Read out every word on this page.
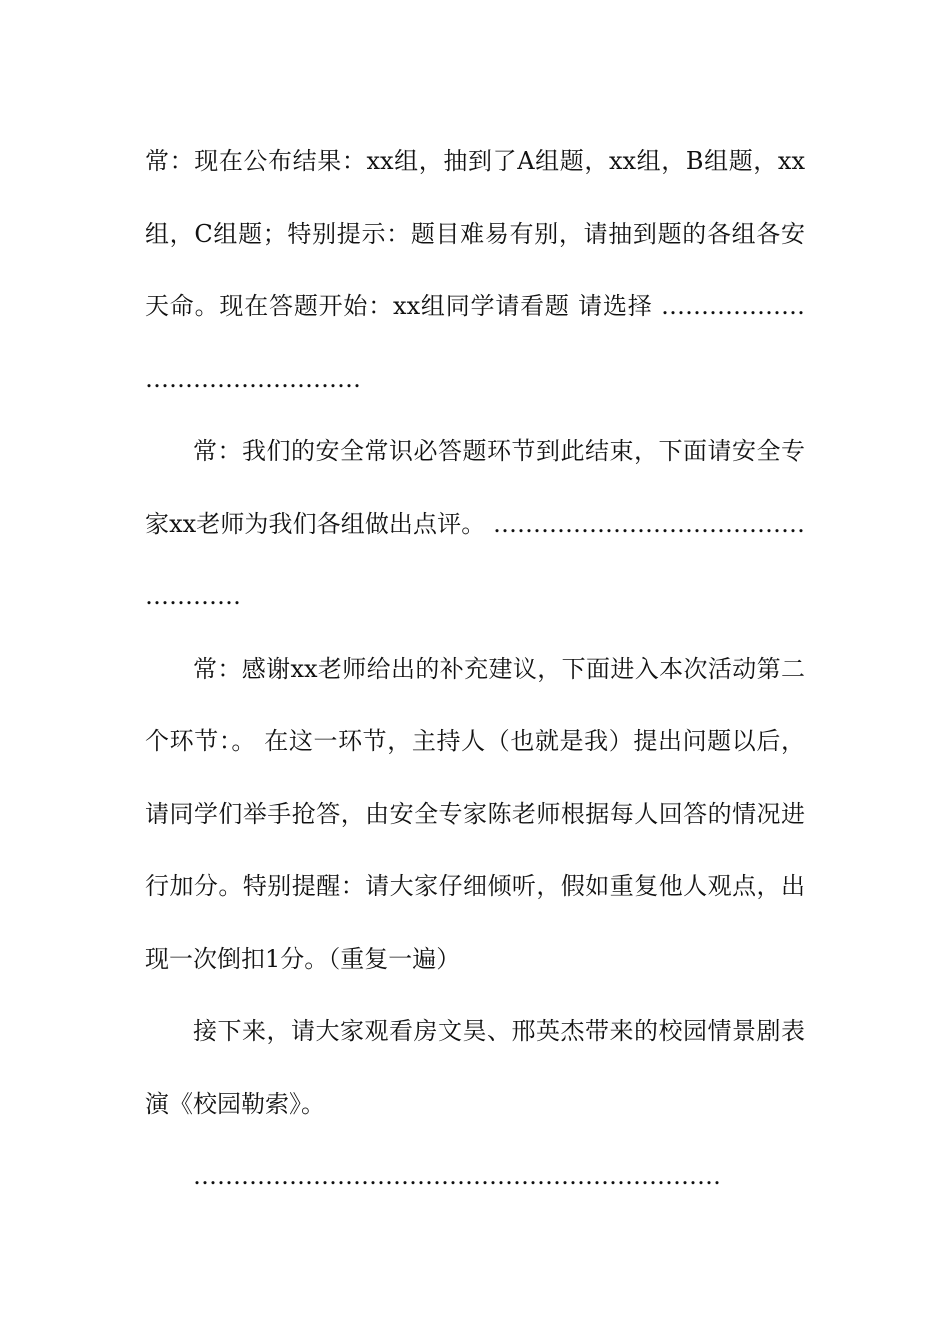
常：现在公布结果：xx组，抽到了A组题，xx组，B组题，xx
组，C组题；特别提示：题目难易有别，请抽到题的各组各安
天命。现在答题开始：xx组同学请看题 请选择 ………………
………………………
常：我们的安全常识必答题环节到此结束，下面请安全专
家xx老师为我们各组做出点评。 …………………………………
…………
常：感谢xx老师给出的补充建议，下面进入本次活动第二
个环节：。 在这一环节，主持人（也就是我）提出问题以后，
请同学们举手抢答，由安全专家陈老师根据每人回答的情况进
行加分。特别提醒：请大家仔细倾听，假如重复他人观点，出
现一次倒扣1分。（重复一遍）
接下来，请大家观看房文昊、邢英杰带来的校园情景剧表
演《校园勒索》。
…………………………………………………………
